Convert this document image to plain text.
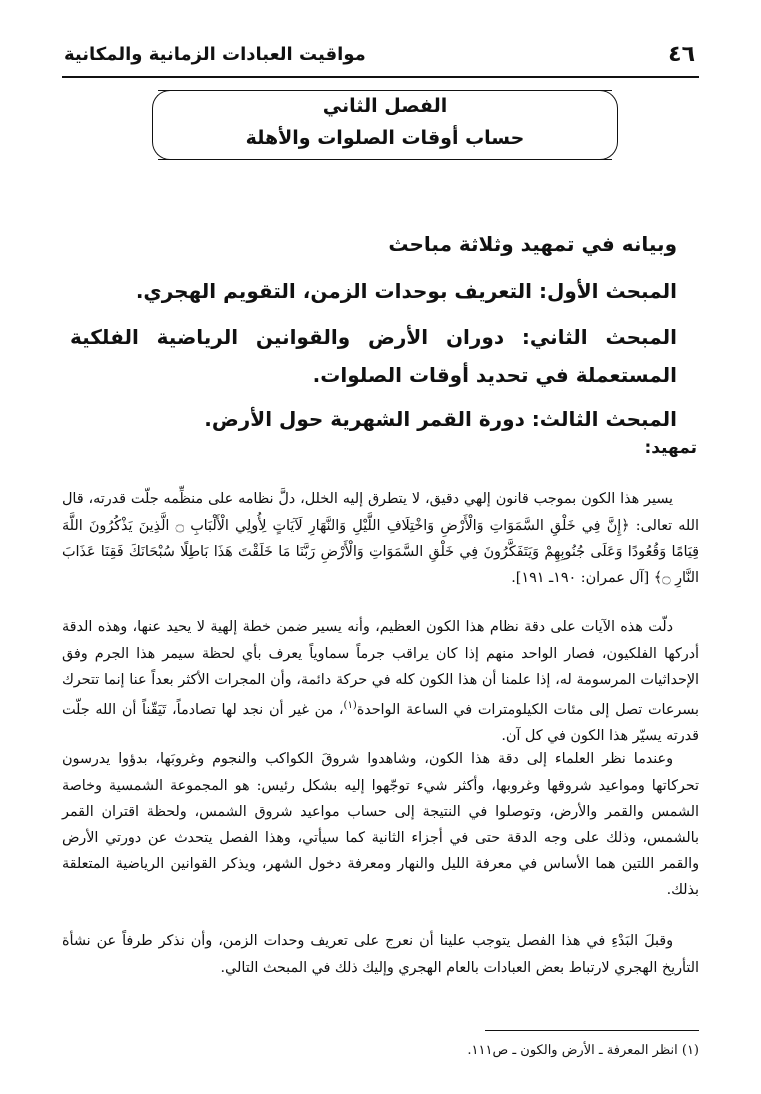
٤٦
مواقيت العبادات الزمانية والمكانية
الفصل الثاني
حساب أوقات الصلوات والأهلة
وبيانه في تمهيد وثلاثة مباحث
المبحث الأول: التعريف بوحدات الزمن، التقويم الهجري.
المبحث الثاني: دوران الأرض والقوانين الرياضية الفلكية المستعملة في تحديد أوقات الصلوات.
المبحث الثالث: دورة القمر الشهرية حول الأرض.
تمهيد:

يسير هذا الكون بموجب قانون إلهي دقيق، لا يتطرق إليه الخلل، دلَّ نظامه على منظِّمه جلّت قدرته، قال الله تعالى: ﴿إِنَّ فِي خَلْقِ السَّمَوَاتِ وَالْأَرْضِ وَاخْتِلَافِ اللَّيْلِ وَالنَّهَارِ لَآيَاتٍ لِأُولِي الْأَلْبَابِ ۝ الَّذِينَ يَذْكُرُونَ اللَّهَ قِيَامًا وَقُعُودًا وَعَلَى جُنُوبِهِمْ وَيَتَفَكَّرُونَ فِي خَلْقِ السَّمَوَاتِ وَالْأَرْضِ رَبَّنَا مَا خَلَقْتَ هَذَا بَاطِلًا سُبْحَانَكَ فَقِنَا عَذَابَ النَّارِ ۝﴾ [آل عمران: ١٩٠ـ ١٩١].

دلّت هذه الآيات على دقة نظام هذا الكون العظيم، وأنه يسير ضمن خطة إلهية لا يحيد عنها، وهذه الدقة أدركها الفلكيون، فصار الواحد منهم إذا كان يراقب جرماً سماوياً يعرف بأي لحظة سيمر هذا الجرم وفق الإحداثيات المرسومة له، إذا علمنا أن هذا الكون كله في حركة دائمة، وأن المجرات الأكثر بعداً عنا إنما تتحرك بسرعات تصل إلى مئات الكيلومترات في الساعة الواحدة$^{(١)}$، من غير أن نجد لها تصادماً، تَيَقّناً أن الله جلّت قدرته يسيّر هذا الكون في كل آن.

وعندما نظر العلماء إلى دقة هذا الكون، وشاهدوا شروقَ الكواكب والنجوم وغروبَها، بدؤوا يدرسون تحركاتها ومواعيد شروقها وغروبها، وأكثر شيء توجّهوا إليه بشكل رئيس: هو المجموعة الشمسية وخاصة الشمس والقمر والأرض، وتوصلوا في النتيجة إلى حساب مواعيد شروق الشمس، ولحظة اقتران القمر بالشمس، وذلك على وجه الدقة حتى في أجزاء الثانية كما سيأتي، وهذا الفصل يتحدث عن دورتي الأرض والقمر اللتين هما الأساس في معرفة الليل والنهار ومعرفة دخول الشهر، ويذكر القوانين الرياضية المتعلقة بذلك.

وقبلَ البَدْءِ في هذا الفصل يتوجب علينا أن نعرج على تعريف وحدات الزمن، وأن نذكر طرفاً عن نشأة التأريخ الهجري لارتباط بعض العبادات بالعام الهجري وإليك ذلك في المبحث التالي.

(١) انظر المعرفة ـ الأرض والكون ـ ص١١١.
